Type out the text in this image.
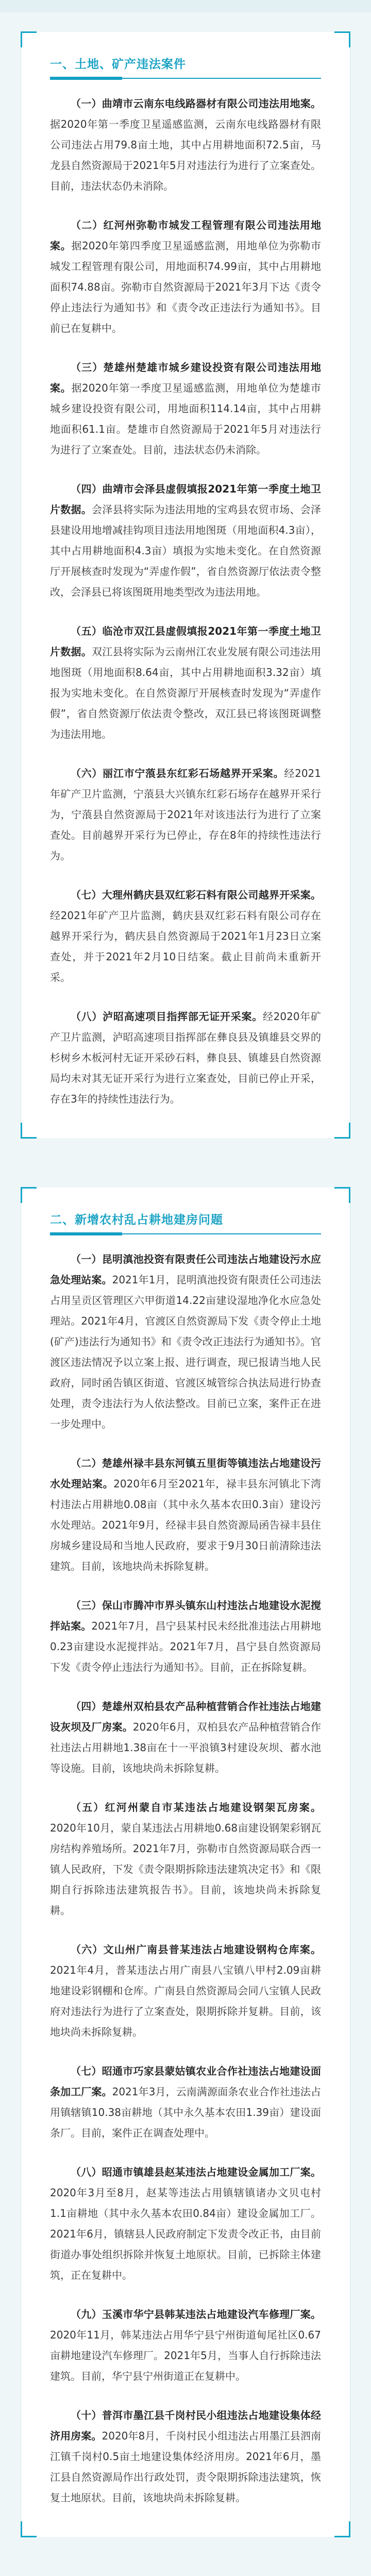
一、土地、矿产违法案件

（一）曲靖市云南东电线路器材有限公司违法用地案。据2020年第一季度卫星遥感监测，云南东电线路器材有限公司违法占用79.8亩土地，其中占用耕地面积72.5亩，马龙县自然资源局于2021年5月对违法行为进行了立案查处。目前，违法状态仍未消除。

（二）红河州弥勒市城发工程管理有限公司违法用地案。据2020年第四季度卫星遥感监测，用地单位为弥勒市城发工程管理有限公司，用地面积74.99亩，其中占用耕地面积74.88亩。弥勒市自然资源局于2021年3月下达《责令停止违法行为通知书》和《责令改正违法行为通知书》。目前已在复耕中。

（三）楚雄州楚雄市城乡建设投资有限公司违法用地案。据2020年第一季度卫星遥感监测，用地单位为楚雄市城乡建设投资有限公司，用地面积114.14亩，其中占用耕地面积61.1亩。楚雄市自然资源局于2021年5月对违法行为进行了立案查处。目前，违法状态仍未消除。

（四）曲靖市会泽县虚假填报2021年第一季度土地卫片数据。会泽县将实际为违法用地的宝鸡县农贸市场、会泽县建设用地增减挂钩项目违法用地图斑（用地面积4.3亩），其中占用耕地面积4.3亩）填报为实地未变化。在自然资源厅开展核查时发现为“弄虚作假”，省自然资源厅依法责令整改，会泽县已将该图斑用地类型改为违法用地。

（五）临沧市双江县虚假填报2021年第一季度土地卫片数据。双江县将实际为云南州江农业发展有限公司违法用地图斑（用地面积8.64亩，其中占用耕地面积3.32亩）填报为实地未变化。在自然资源厅开展核查时发现为“弄虚作假”，省自然资源厅依法责令整改，双江县已将该图斑调整为违法用地。

（六）丽江市宁蒗县东红彩石场越界开采案。经2021年矿产卫片监测，宁蒗县大兴镇东红彩石场存在越界开采行为，宁蒗县自然资源局于2021年对该违法行为进行了立案查处。目前越界开采行为已停止，存在8年的持续性违法行为。

（七）大理州鹤庆县双红彩石料有限公司越界开采案。经2021年矿产卫片监测，鹤庆县双红彩石料有限公司存在越界开采行为，鹤庆县自然资源局于2021年1月23日立案查处，并于2021年2月10日结案。截止目前尚未重新开采。

（八）泸昭高速项目指挥部无证开采案。经2020年矿产卫片监测，泸昭高速项目指挥部在彝良县及镇雄县交界的杉树乡木板河村无证开采砂石料，彝良县、镇雄县自然资源局均未对其无证开采行为进行立案查处，目前已停止开采，存在3年的持续性违法行为。

二、新增农村乱占耕地建房问题

（一）昆明滇池投资有限责任公司违法占地建设污水应急处理站案。2021年1月，昆明滇池投资有限责任公司违法占用呈贡区管理区六甲街道14.22亩建设湿地净化水应急处理站。2021年4月，官渡区自然资源局下发《责令停止土地(矿产)违法行为通知书》和《责令改正违法行为通知书》。官渡区违法情况予以立案上报、进行调查，现已报请当地人民政府，同时函告镇区街道、官渡区城管综合执法局进行协查处理，责令违法行为人依法整改。目前已立案，案件正在进一步处理中。

（二）楚雄州禄丰县东河镇五里街等镇违法占地建设污水处理站案。2020年6月至2021年，禄丰县东河镇北下湾村违法占用耕地0.08亩（其中永久基本农田0.3亩）建设污水处理站。2021年9月，经禄丰县自然资源局函告禄丰县住房城乡建设局和当地人民政府，要求于9月30日前清除违法建筑。目前，该地块尚未拆除复耕。

（三）保山市腾冲市界头镇东山村违法占地建设水泥搅拌站案。2021年7月，昌宁县某村民未经批准违法占用耕地0.23亩建设水泥搅拌站。2021年7月，昌宁县自然资源局下发《责令停止违法行为通知书》。目前，正在拆除复耕。

（四）楚雄州双柏县农产品种植营销合作社违法占地建设灰坝及厂房案。2020年6月，双柏县农产品种植营销合作社违法占用耕地1.38亩在十一平浪镇3村建设灰坝、蓄水池等设施。目前，该地块尚未拆除复耕。

（五）红河州蒙自市某违法占地建设钢架瓦房案。2020年10月，蒙自某违法占用耕地0.68亩建设钢架彩钢瓦房结构养殖场所。2021年7月，弥勒市自然资源局联合西一镇人民政府，下发《责令限期拆除违法建筑决定书》和《限期自行拆除违法建筑报告书》。目前，该地块尚未拆除复耕。

（六）文山州广南县普某违法占地建设钢构仓库案。2021年4月，普某违法占用广南县八宝镇八甲村2.09亩耕地建设彩钢棚和仓库。广南县自然资源局会同八宝镇人民政府对违法行为进行了立案查处，限期拆除并复耕。目前，该地块尚未拆除复耕。

（七）昭通市巧家县蒙姑镇农业合作社违法占地建设面条加工厂案。2021年3月，云南满源面条农业合作社违法占用镇辖镇10.38亩耕地（其中永久基本农田1.39亩）建设面条厂。目前，案件正在调查处理中。

（八）昭通市镇雄县赵某违法占地建设金属加工厂案。2020年3月至8月，赵某等违法占用镇辖镇诸办文贝屯村1.1亩耕地（其中永久基本农田0.84亩）建设金属加工厂。2021年6月，镇辖县人民政府制定下发责令改正书，由目前街道办事处组织拆除并恢复土地原状。目前，已拆除主体建筑，正在复耕中。

（九）玉溪市华宁县韩某违法占地建设汽车修理厂案。2020年11月，韩某违法占用华宁县宁州街道甸尾社区0.67亩耕地建设汽车修理厂。2021年5月，当事人自行拆除违法建筑。目前，华宁县宁州街道正在复耕中。

（十）普洱市墨江县千岗村民小组违法占地建设集体经济用房案。2020年8月，千岗村民小组违法占用墨江县泗南江镇千岗村0.5亩土地建设集体经济用房。2021年6月，墨江县自然资源局作出行政处罚，责令限期拆除违法建筑，恢复土地原状。目前，该地块尚未拆除复耕。
